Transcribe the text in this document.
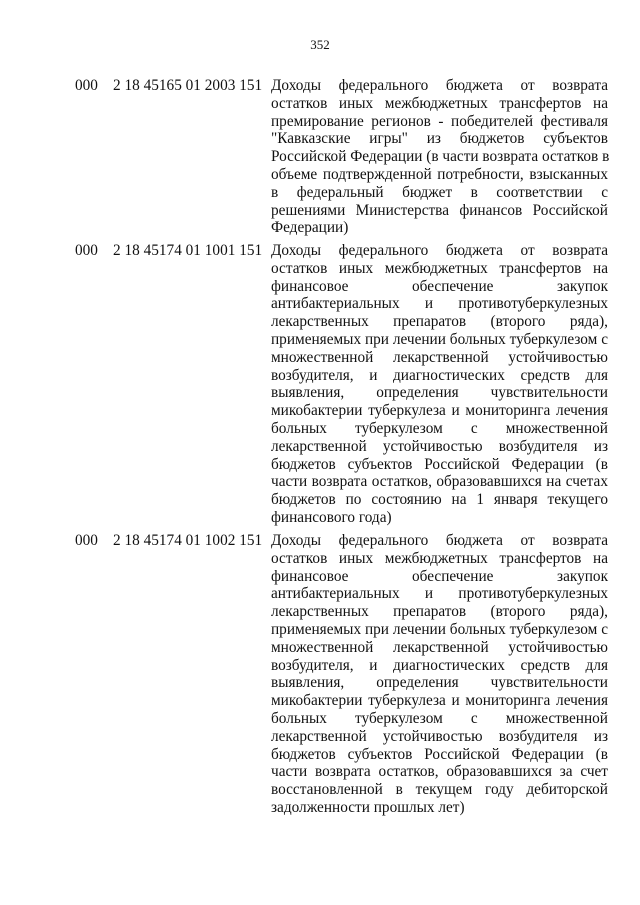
352
000 2 18 45165 01 2003 151 Доходы федерального бюджета от возврата
остатков иных межбюджетных трансфертов на
премирование регионов - победителей фестиваля
"Кавказские игры" из бюджетов субъектов
Российской Федерации (в части возврата остатков в
объеме подтвержденной потребности, взысканных
в федеральный бюджет в соответствии с
решениями Министерства финансов Российской
Федерации)
000 2 18 45174 01 1001 151 Доходы федерального бюджета от возврата
остатков иных межбюджетных трансфертов на
финансовое обеспечение закупок
антибактериальных и противотуберкулезных
лекарственных препаратов (второго ряда),
применяемых при лечении больных туберкулезом с
множественной лекарственной устойчивостью
возбудителя, и диагностических средств для
выявления, определения чувствительности
микобактерии туберкулеза и мониторинга лечения
больных туберкулезом с множественной
лекарственной устойчивостью возбудителя из
бюджетов субъектов Российской Федерации (в
части возврата остатков, образовавшихся на счетах
бюджетов по состоянию на 1 января текущего
финансового года)
000 2 18 45174 01 1002 151 Доходы федерального бюджета от возврата
остатков иных межбюджетных трансфертов на
финансовое обеспечение закупок
антибактериальных и противотуберкулезных
лекарственных препаратов (второго ряда),
применяемых при лечении больных туберкулезом с
множественной лекарственной устойчивостью
возбудителя, и диагностических средств для
выявления, определения чувствительности
микобактерии туберкулеза и мониторинга лечения
больных туберкулезом с множественной
лекарственной устойчивостью возбудителя из
бюджетов субъектов Российской Федерации (в
части возврата остатков, образовавшихся за счет
восстановленной в текущем году дебиторской
задолженности прошлых лет)
